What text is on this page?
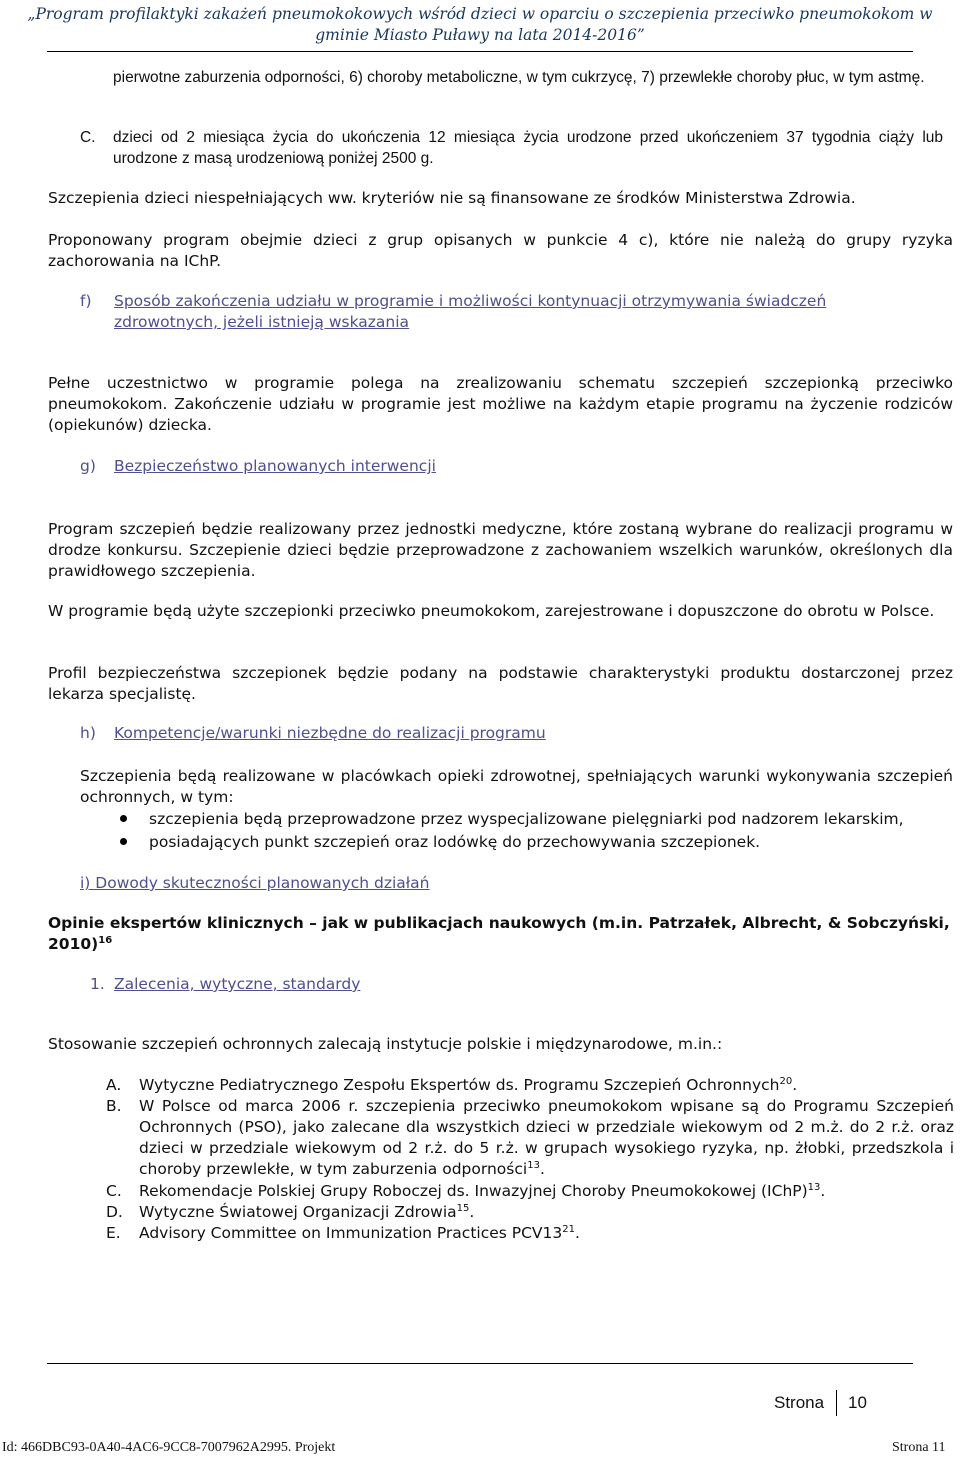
„Program profilaktyki zakażeń pneumokokowych wśród dzieci w oparciu o szczepienia przeciwko pneumokokom w
gminie Miasto Puławy na lata 2014-2016”

pierwotne zaburzenia odporności, 6) choroby metaboliczne, w tym cukrzycę, 7) przewlekłe choroby płuc, w tym astmę.

C. dzieci od 2 miesiąca życia do ukończenia 12 miesiąca życia urodzone przed ukończeniem 37 tygodnia ciąży lub urodzone z masą urodzeniową poniżej 2500 g.

Szczepienia dzieci niespełniających ww. kryteriów nie są finansowane ze środków Ministerstwa Zdrowia.

Proponowany program obejmie dzieci z grup opisanych w punkcie 4 c), które nie należą do grupy ryzyka zachorowania na IChP.

f) Sposób zakończenia udziału w programie i możliwości kontynuacji otrzymywania świadczeń zdrowotnych, jeżeli istnieją wskazania

Pełne uczestnictwo w programie polega na zrealizowaniu schematu szczepień szczepionką przeciwko pneumokokom. Zakończenie udziału w programie jest możliwe na każdym etapie programu na życzenie rodziców (opiekunów) dziecka.

g) Bezpieczeństwo planowanych interwencji

Program szczepień będzie realizowany przez jednostki medyczne, które zostaną wybrane do realizacji programu w drodze konkursu. Szczepienie dzieci będzie przeprowadzone z zachowaniem wszelkich warunków, określonych dla prawidłowego szczepienia.

W programie będą użyte szczepionki przeciwko pneumokokom, zarejestrowane i dopuszczone do obrotu w Polsce.

Profil bezpieczeństwa szczepionek będzie podany na podstawie charakterystyki produktu dostarczonej przez lekarza specjalistę.

h) Kompetencje/warunki niezbędne do realizacji programu

Szczepienia będą realizowane w placówkach opieki zdrowotnej, spełniających warunki wykonywania szczepień ochronnych, w tym:

szczepienia będą przeprowadzone przez wyspecjalizowane pielęgniarki pod nadzorem lekarskim,
posiadających punkt szczepień oraz lodówkę do przechowywania szczepionek.
i) Dowody skuteczności planowanych działań
Opinie ekspertów klinicznych – jak w publikacjach naukowych (m.in. Patrzałek, Albrecht, & Sobczyński, 2010)$^{16}$
1. Zalecenia, wytyczne, standardy

Stosowanie szczepień ochronnych zalecają instytucje polskie i międzynarodowe, m.in.:

A. Wytyczne Pediatrycznego Zespołu Ekspertów ds. Programu Szczepień Ochronnych$^{20}$.
B. W Polsce od marca 2006 r. szczepienia przeciwko pneumokokom wpisane są do Programu Szczepień Ochronnych (PSO), jako zalecane dla wszystkich dzieci w przedziale wiekowym od 2 m.ż. do 2 r.ż. oraz dzieci w przedziale wiekowym od 2 r.ż. do 5 r.ż. w grupach wysokiego ryzyka, np. żłobki, przedszkola i choroby przewlekłe, w tym zaburzenia odporności$^{13}$.
C. Rekomendacje Polskiej Grupy Roboczej ds. Inwazyjnej Choroby Pneumokokowej (IChP)$^{13}$.
D. Wytyczne Światowej Organizacji Zdrowia$^{15}$.
E. Advisory Committee on Immunization Practices $PCV13^{21}$.
Strona 10
Id: 466DBC93-0A40-4AC6-9CC8-7007962A2995. Projekt	Strona 11
